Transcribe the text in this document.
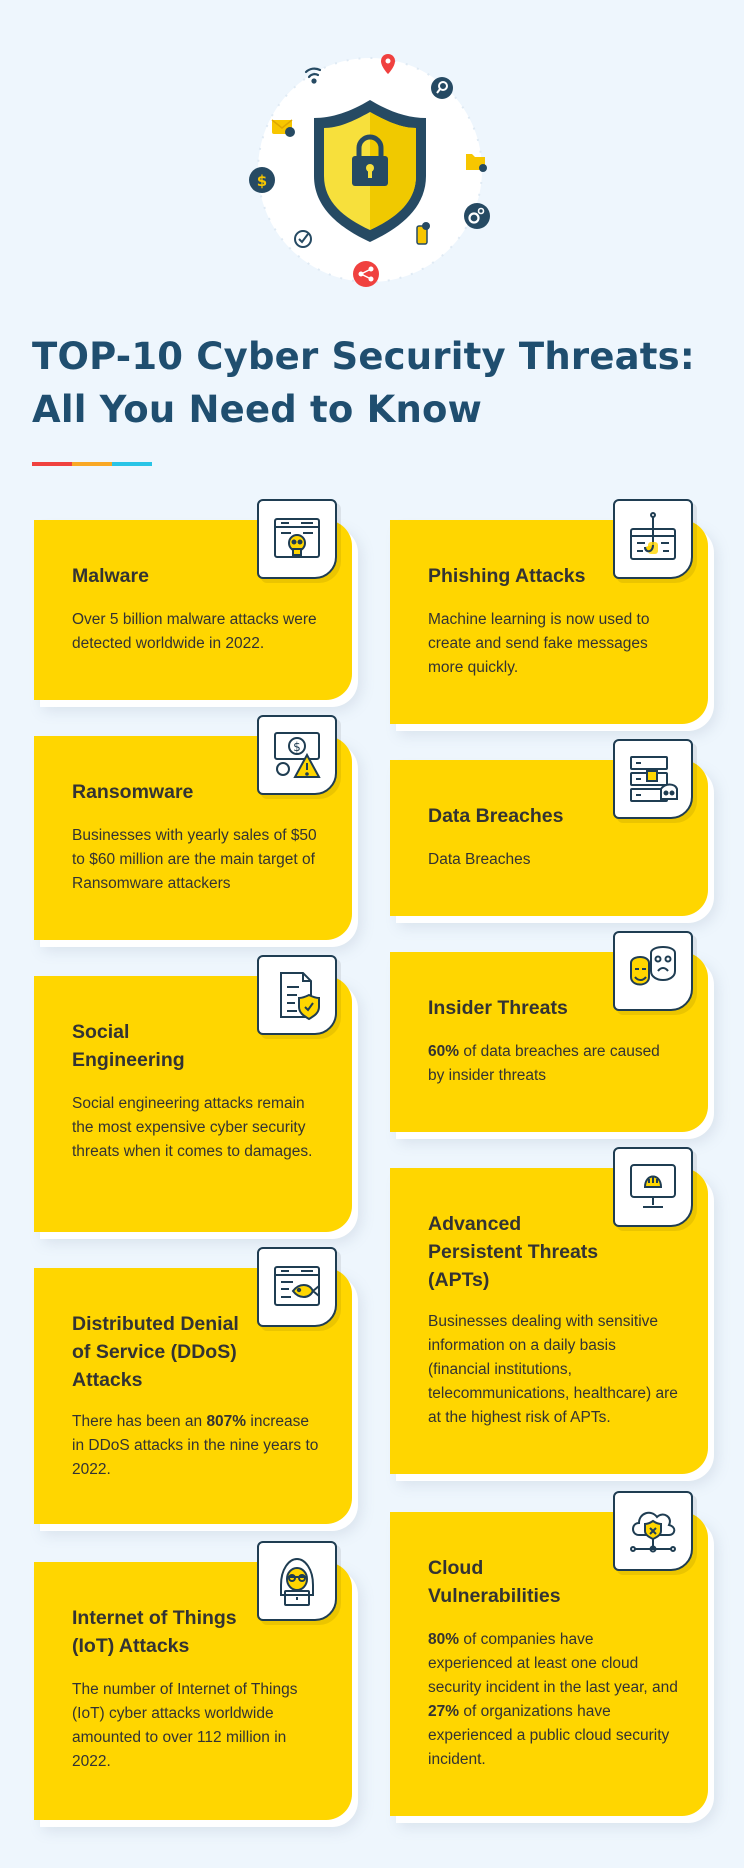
$
TOP-10 Cyber Security Threats:
All You Need to Know
Malware

Over 5 billion malware attacks were detected worldwide in 2022.

Ransomware

Businesses with yearly sales of $50 to $60 million are the main target of Ransomware attackers

$
Social
Engineering

Social engineering attacks remain the most expensive cyber security threats when it comes to damages.

Distributed Denial
of Service (DDoS)
Attacks

There has been an 807% increase in DDoS attacks in the nine years to 2022.

Internet of Things
(IoT) Attacks

The number of Internet of Things (IoT) cyber attacks worldwide amounted to over 112 million in 2022.

Phishing Attacks

Machine learning is now used to create and send fake messages more quickly.

Data Breaches

Data Breaches

Insider Threats

60% of data breaches are caused by insider threats

Advanced
Persistent Threats
(APTs)

Businesses dealing with sensitive information on a daily basis (financial institutions, telecommunications, healthcare) are at the highest risk of APTs.

Cloud
Vulnerabilities

80% of companies have experienced at least one cloud security incident in the last year, and 27% of organizations have experienced a public cloud security incident.
